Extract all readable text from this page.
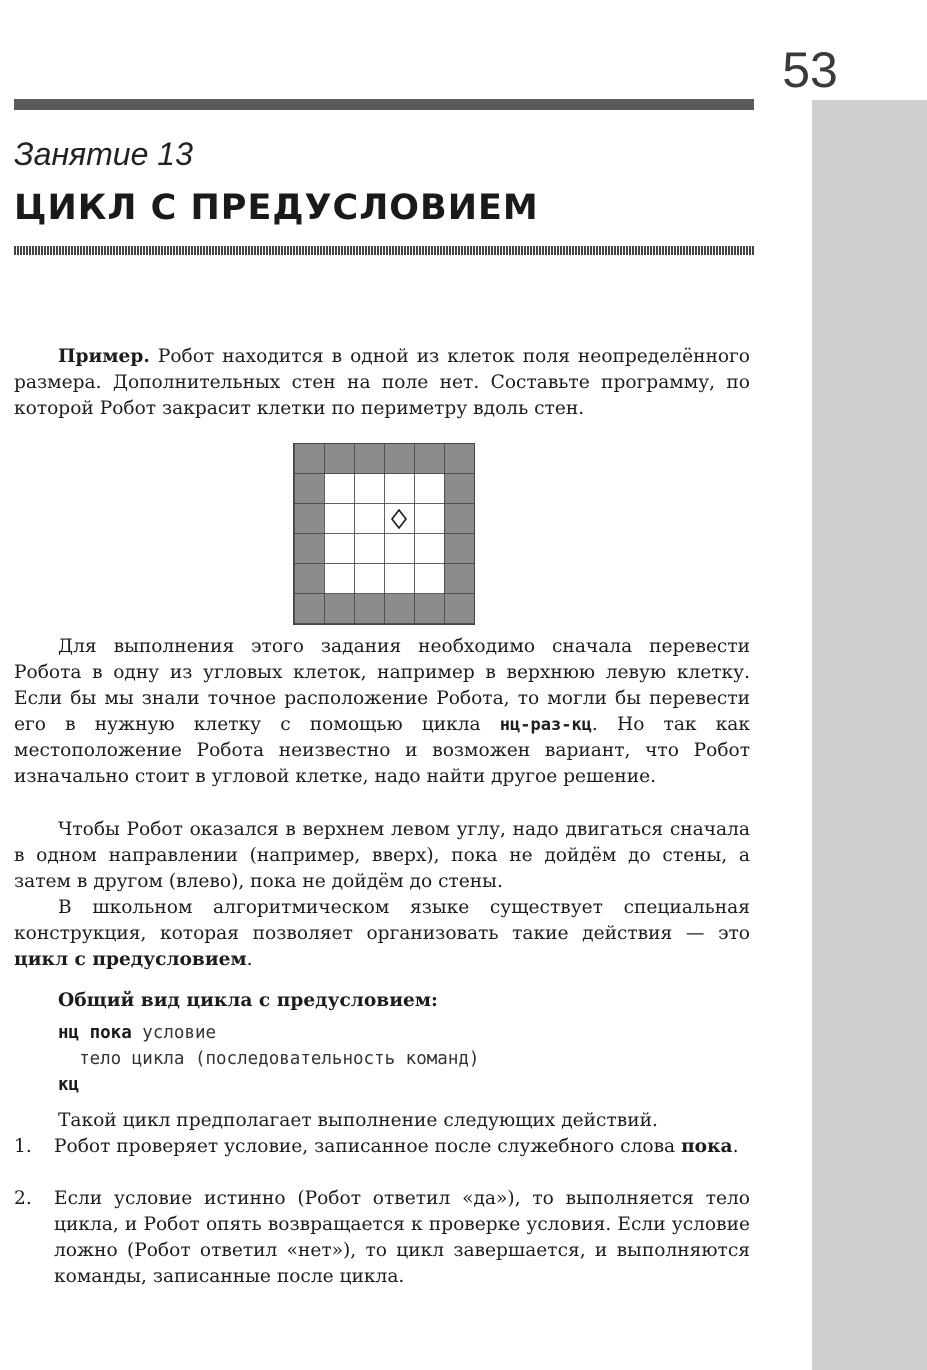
53
Занятие 13
ЦИКЛ С ПРЕДУСЛОВИЕМ

Пример. Робот находится в одной из клеток поля неопределённого размера. Дополнительных стен на поле нет. Составьте программу, по которой Робот закрасит клетки по периметру вдоль стен.

Для выполнения этого задания необходимо сначала перевести Робота в одну из угловых клеток, например в верхнюю левую клетку. Если бы мы знали точное расположение Робота, то могли бы перевести его в нужную клетку с помощью цикла нц-раз-кц. Но так как местоположение Робота неизвестно и возможен вариант, что Робот изначально стоит в угловой клетке, надо найти другое решение.

Чтобы Робот оказался в верхнем левом углу, надо двигаться сначала в одном направлении (например, вверх), пока не дойдём до стены, а затем в другом (влево), пока не дойдём до стены.

В школьном алгоритмическом языке существует специальная конструкция, которая позволяет организовать такие действия — это цикл с предусловием.

Общий вид цикла с предусловием:
нц пока условие
тело цикла (последовательность команд)
кц

Такой цикл предполагает выполнение следующих действий.

1. Робот проверяет условие, записанное после служебного слова пока.
2. Если условие истинно (Робот ответил «да»), то выполняется тело цикла, и Робот опять возвращается к проверке условия. Если условие ложно (Робот ответил «нет»), то цикл завершается, и выполняются команды, записанные после цикла.
